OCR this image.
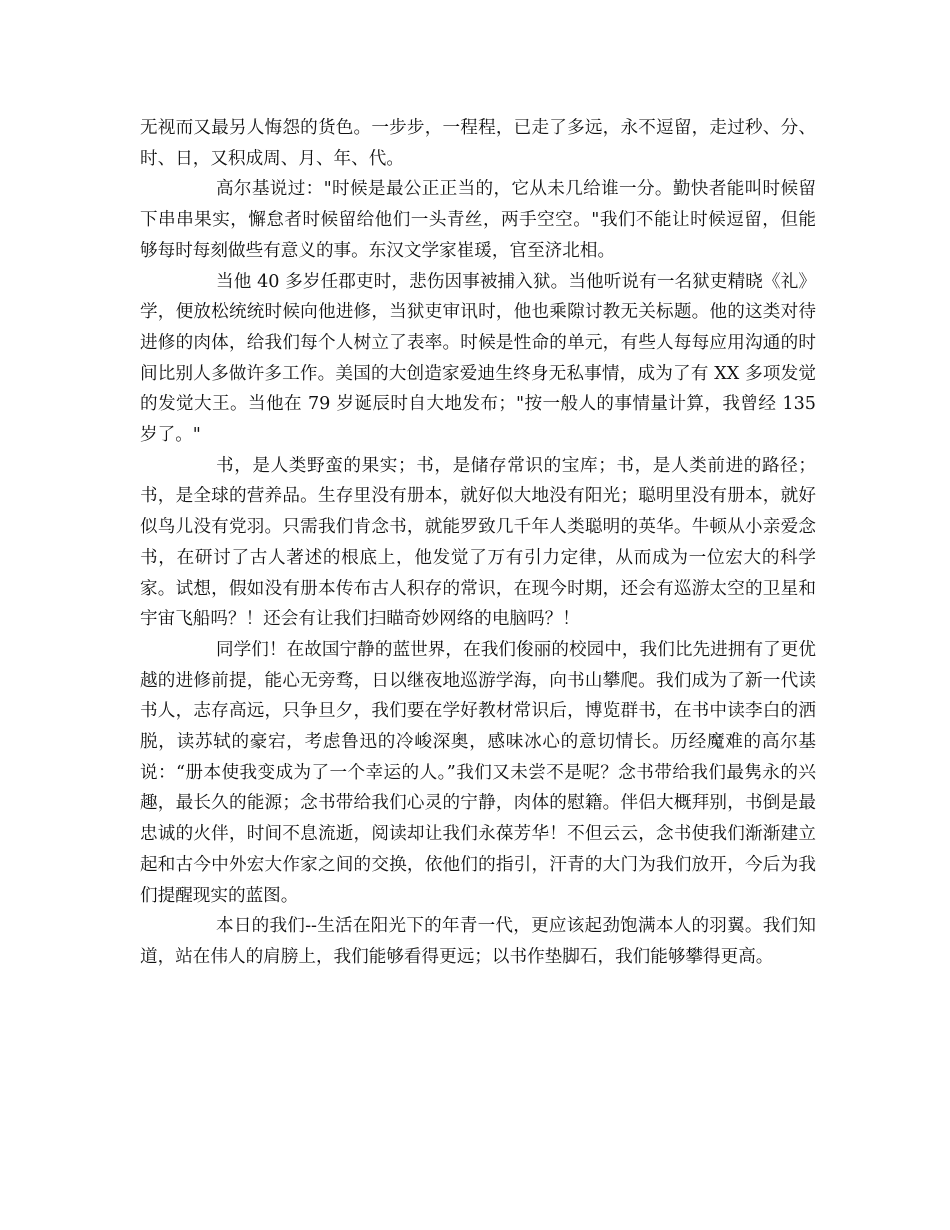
无视而又最另人悔怨的货色。一步步，一程程，已走了多远，永不逗留，走过秒、分、时、日，又积成周、月、年、代。

高尔基说过："时候是最公正正当的，它从未几给谁一分。勤快者能叫时候留下串串果实，懈怠者时候留给他们一头青丝，两手空空。"我们不能让时候逗留，但能够每时每刻做些有意义的事。东汉文学家崔瑗，官至济北相。

当他 40 多岁任郡吏时，悲伤因事被捕入狱。当他听说有一名狱吏精晓《礼》学，便放松统统时候向他进修，当狱吏审讯时，他也乘隙讨教无关标题。他的这类对待进修的肉体，给我们每个人树立了表率。时候是性命的单元，有些人每每应用沟通的时间比别人多做许多工作。美国的大创造家爱迪生终身无私事情，成为了有 XX 多项发觉的发觉大王。当他在 79 岁诞辰时自大地发布；"按一般人的事情量计算，我曾经 135 岁了。"

书，是人类野蛮的果实；书，是储存常识的宝库；书，是人类前进的路径；书，是全球的营养品。生存里没有册本，就好似大地没有阳光；聪明里没有册本，就好似鸟儿没有党羽。只需我们肯念书，就能罗致几千年人类聪明的英华。牛顿从小亲爱念书，在研讨了古人著述的根底上，他发觉了万有引力定律，从而成为一位宏大的科学家。试想，假如没有册本传布古人积存的常识，在现今时期，还会有巡游太空的卫星和宇宙飞船吗？！还会有让我们扫瞄奇妙网络的电脑吗？！

同学们！在故国宁静的蓝世界，在我们俊丽的校园中，我们比先进拥有了更优越的进修前提，能心无旁骛，日以继夜地巡游学海，向书山攀爬。我们成为了新一代读书人，志存高远，只争旦夕，我们要在学好教材常识后，博览群书，在书中读李白的洒脱，读苏轼的豪宕，考虑鲁迅的冷峻深奥，感味冰心的意切情长。历经魔难的高尔基说：“册本使我变成为了一个幸运的人。”我们又未尝不是呢？念书带给我们最隽永的兴趣，最长久的能源；念书带给我们心灵的宁静，肉体的慰籍。伴侣大概拜别，书倒是最忠诚的火伴，时间不息流逝，阅读却让我们永葆芳华！不但云云，念书使我们渐渐建立起和古今中外宏大作家之间的交换，依他们的指引，汗青的大门为我们放开，今后为我们提醒现实的蓝图。

本日的我们--生活在阳光下的年青一代，更应该起劲饱满本人的羽翼。我们知道，站在伟人的肩膀上，我们能够看得更远；以书作垫脚石，我们能够攀得更高。
